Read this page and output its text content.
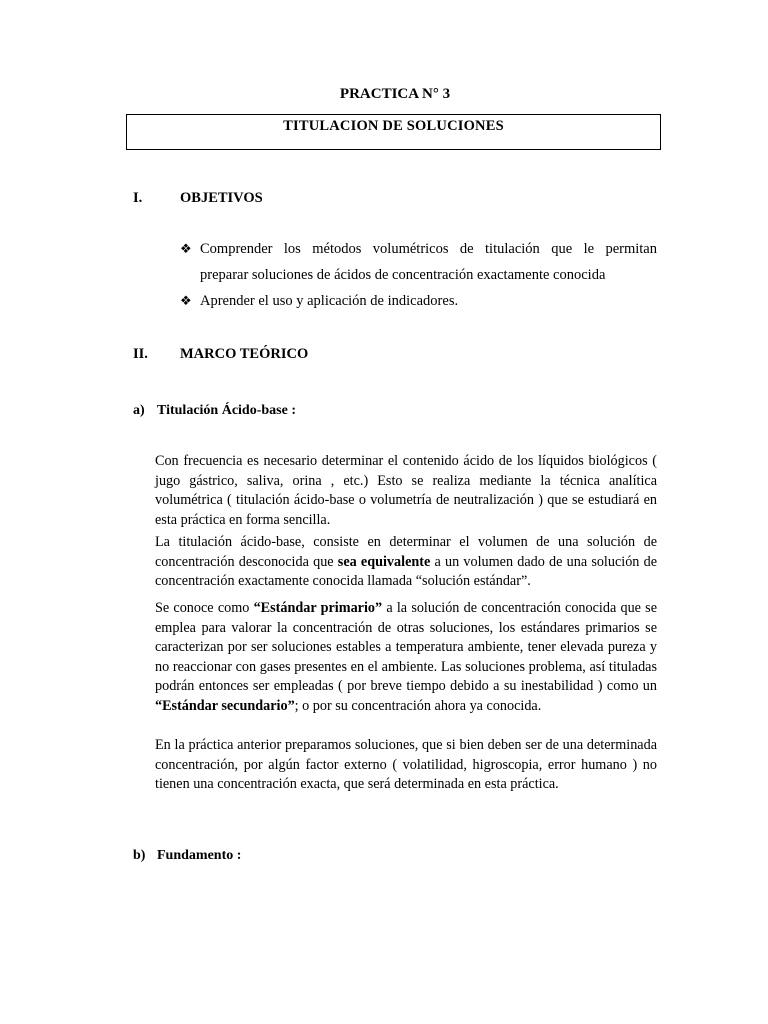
PRACTICA N° 3
TITULACION DE SOLUCIONES
I.	OBJETIVOS
❖ Comprender los métodos volumétricos de titulación que le permitan
preparar soluciones de ácidos de concentración exactamente conocida
❖ Aprender el uso y aplicación de indicadores.
II. MARCO TEÓRICO
a) Titulación Ácido-base :
Con frecuencia es necesario determinar el contenido ácido de los líquidos biológicos ( jugo gástrico, saliva, orina , etc.) Esto se realiza mediante la técnica analítica volumétrica ( titulación ácido-base o volumetría de neutralización ) que se estudiará en esta práctica en forma sencilla.
La titulación ácido-base, consiste en determinar el volumen de una solución de concentración desconocida que sea equivalente a un volumen dado de una solución de concentración exactamente conocida llamada “solución estándar”.
Se conoce como “Estándar primario” a la solución de concentración conocida que se emplea para valorar la concentración de otras soluciones, los estándares primarios se caracterizan por ser soluciones estables a temperatura ambiente, tener elevada pureza y no reaccionar con gases presentes en el ambiente. Las soluciones problema, así tituladas podrán entonces ser empleadas ( por breve tiempo debido a su inestabilidad ) como un “Estándar secundario”; o por su concentración ahora ya conocida.
En la práctica anterior preparamos soluciones, que si bien deben ser de una determinada concentración, por algún factor externo ( volatilidad, higroscopia, error humano ) no tienen una concentración exacta, que será determinada en esta práctica.
b) Fundamento :
